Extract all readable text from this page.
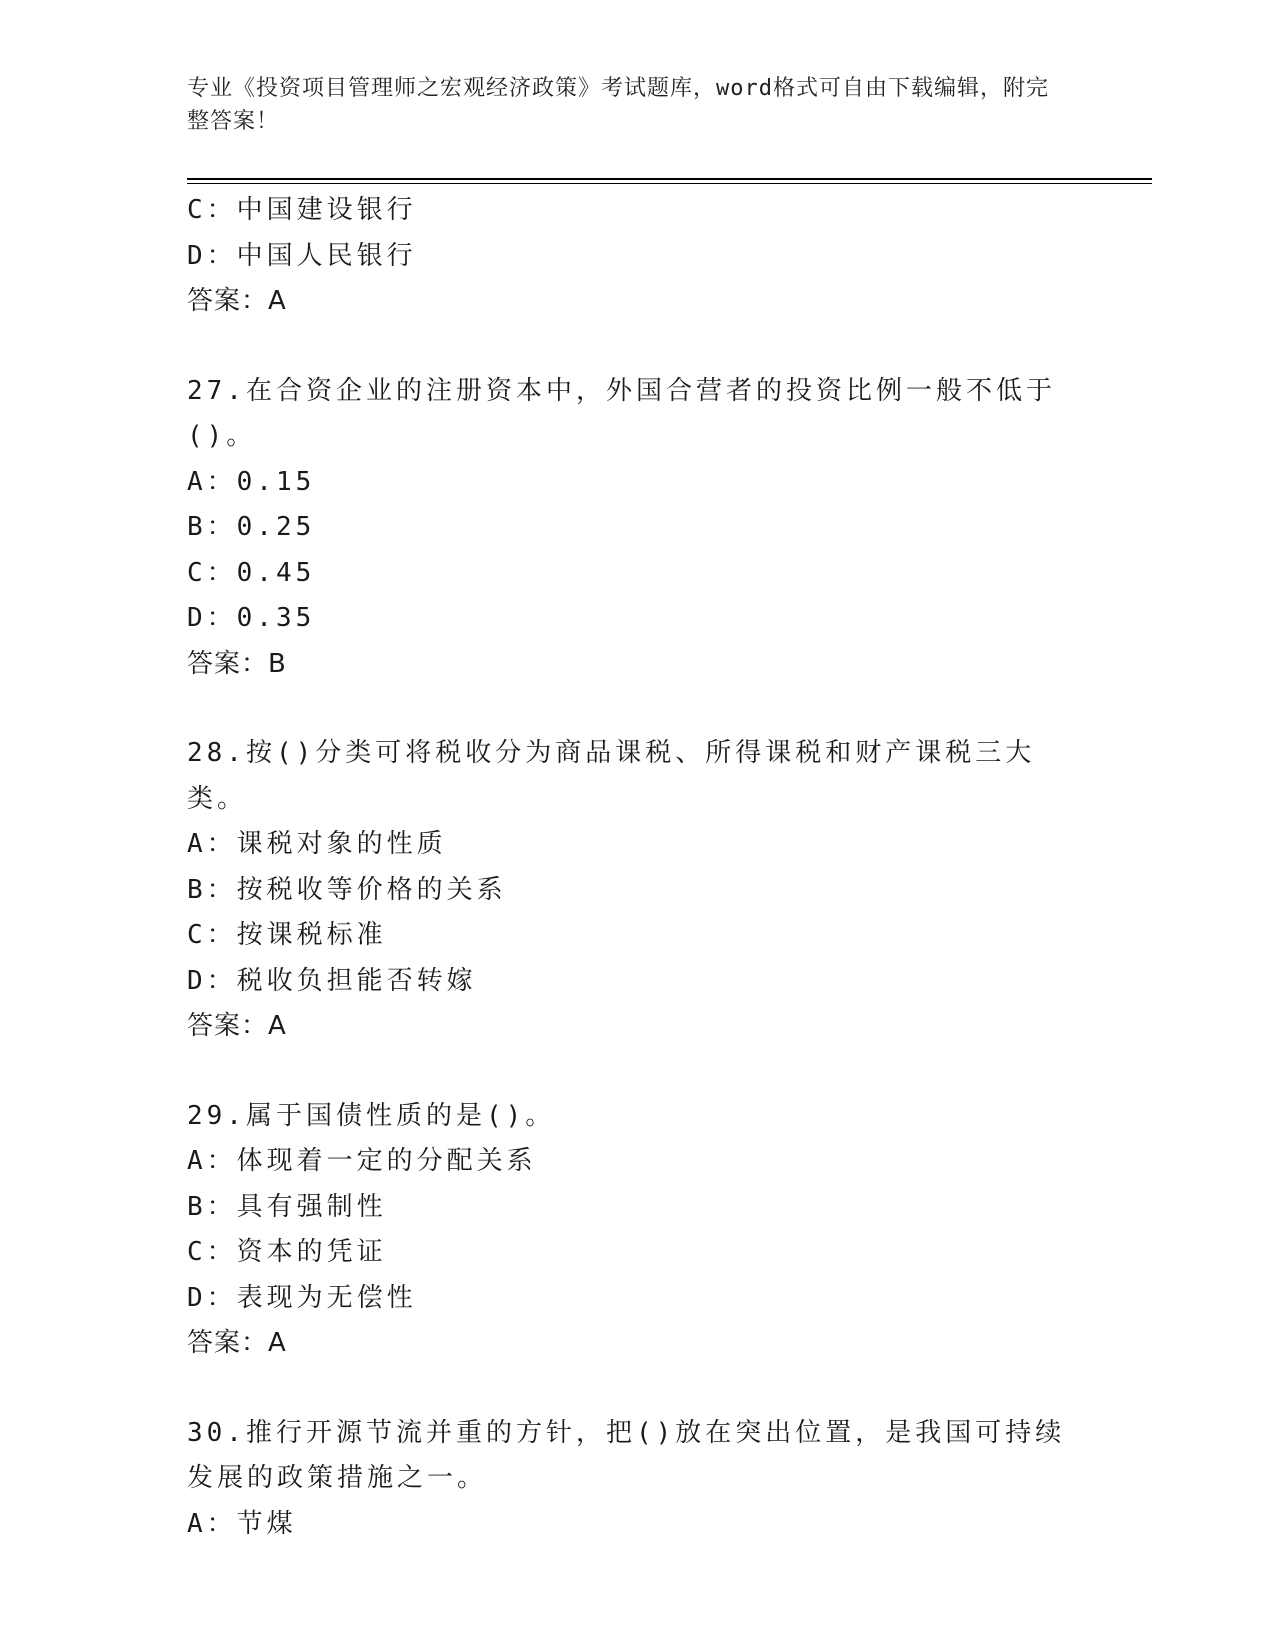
专业《投资项目管理师之宏观经济政策》考试题库，word格式可自由下载编辑，附完整答案！
C：中国建设银行
D：中国人民银行
答案：A
27.在合资企业的注册资本中，外国合营者的投资比例一般不低于()。
A：0.15
B：0.25
C：0.45
D：0.35
答案：B
28.按()分类可将税收分为商品课税、所得课税和财产课税三大类。
A：课税对象的性质
B：按税收等价格的关系
C：按课税标准
D：税收负担能否转嫁
答案：A
29.属于国债性质的是()。
A：体现着一定的分配关系
B：具有强制性
C：资本的凭证
D：表现为无偿性
答案：A
30.推行开源节流并重的方针，把()放在突出位置，是我国可持续发展的政策措施之一。
A：节煤
